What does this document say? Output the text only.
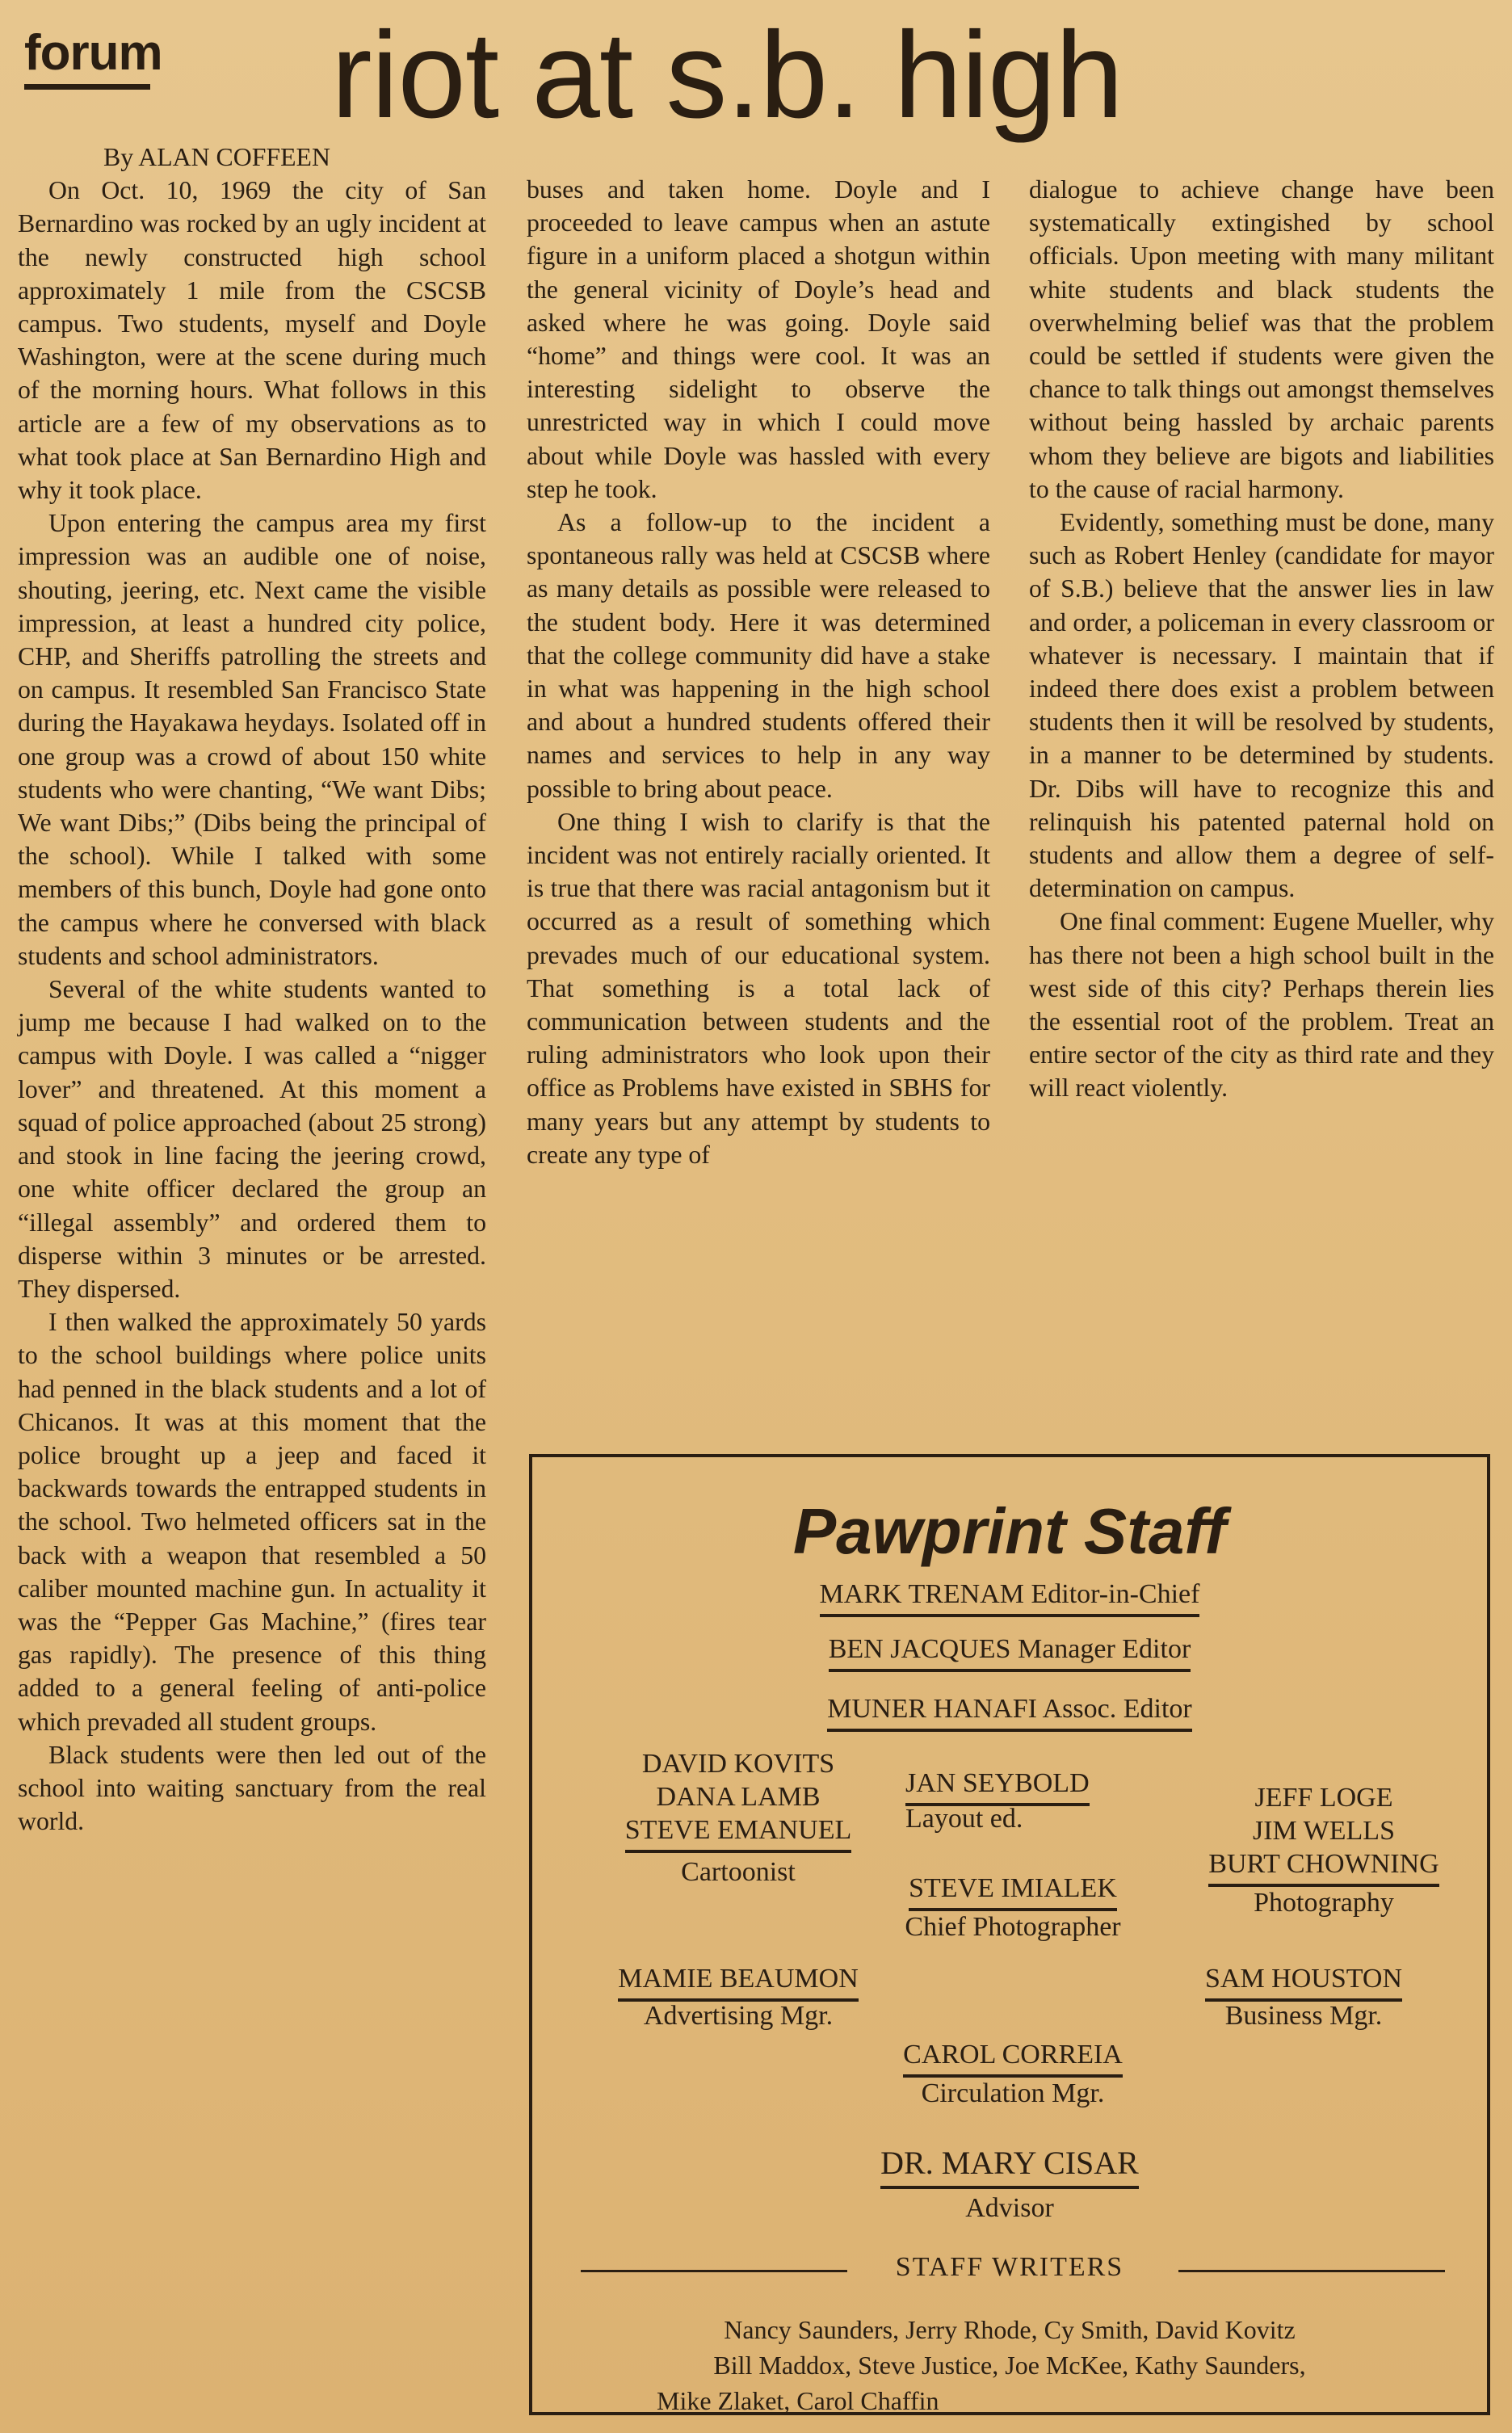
forum riot at s.b. high

By ALAN COFFEEN

On Oct. 10, 1969 the city of San Bernardino was rocked by an ugly incident at the newly constructed high school approximately 1 mile from the CSCSB campus. Two students, myself and Doyle Washington, were at the scene during much of the morning hours. What follows in this article are a few of my observations as to what took place at San Bernardino High and why it took place.

Upon entering the campus area my first impression was an audible one of noise, shouting, jeering, etc. Next came the visible impression, at least a hundred city police, CHP, and Sheriffs patrolling the streets and on campus. It resembled San Francisco State during the Hayakawa heydays. Isolated off in one group was a crowd of about 150 white students who were chanting, “We want Dibs; We want Dibs;” (Dibs being the principal of the school). While I talked with some members of this bunch, Doyle had gone onto the campus where he conversed with black students and school administrators.

Several of the white students wanted to jump me because I had walked on to the campus with Doyle. I was called a “nigger lover” and threatened. At this moment a squad of police approached (about 25 strong) and stook in line facing the jeering crowd, one white officer declared the group an “illegal assembly” and ordered them to disperse within 3 minutes or be arrested. They dispersed.

I then walked the approximately 50 yards to the school buildings where police units had penned in the black students and a lot of Chicanos. It was at this moment that the police brought up a jeep and faced it backwards towards the entrapped students in the school. Two helmeted officers sat in the back with a weapon that resembled a 50 caliber mounted machine gun. In actuality it was the “Pepper Gas Machine,” (fires tear gas rapidly). The presence of this thing added to a general feeling of anti-police which prevaded all student groups.

Black students were then led out of the school into waiting sanctuary from the real world.

buses and taken home. Doyle and I proceeded to leave campus when an astute figure in a uniform placed a shotgun within the general vicinity of Doyle’s head and asked where he was going. Doyle said “home” and things were cool. It was an interesting sidelight to observe the unrestricted way in which I could move about while Doyle was hassled with every step he took.

As a follow-up to the incident a spontaneous rally was held at CSCSB where as many details as possible were released to the student body. Here it was determined that the college community did have a stake in what was happening in the high school and about a hundred students offered their names and services to help in any way possible to bring about peace.

One thing I wish to clarify is that the incident was not entirely racially oriented. It is true that there was racial antagonism but it occurred as a result of something which prevades much of our educational system. That something is a total lack of communication between students and the ruling administrators who look upon their office as Problems have existed in SBHS for many years but any attempt by students to create any type of

dialogue to achieve change have been systematically extingished by school officials. Upon meeting with many militant white students and black students the overwhelming belief was that the problem could be settled if students were given the chance to talk things out amongst themselves without being hassled by archaic parents whom they believe are bigots and liabilities to the cause of racial harmony.

Evidently, something must be done, many such as Robert Henley (candidate for mayor of S.B.) believe that the answer lies in law and order, a policeman in every classroom or whatever is necessary. I maintain that if indeed there does exist a problem between students then it will be resolved by students, in a manner to be determined by students. Dr. Dibs will have to recognize this and relinquish his patented paternal hold on students and allow them a degree of self-determination on campus.

One final comment: Eugene Mueller, why has there not been a high school built in the west side of this city? Perhaps therein lies the essential root of the problem. Treat an entire sector of the city as third rate and they will react violently.

Pawprint Staff
MARK TRENAM Editor-in-Chief
BEN JACQUES Manager Editor
MUNER HANAFI Assoc. Editor
DAVID KOVITS
DANA LAMB
STEVE EMANUEL
Cartoonist
JAN SEYBOLD
Layout ed.
JEFF LOGE
JIM WELLS
BURT CHOWNING
Photography
STEVE IMIALEK
Chief Photographer
MAMIE BEAUMON
Advertising Mgr.
SAM HOUSTON
Business Mgr.
CAROL CORREIA
Circulation Mgr.
DR. MARY CISAR
Advisor
STAFF WRITERS
Nancy Saunders, Jerry Rhode, Cy Smith, David Kovitz
Bill Maddox, Steve Justice, Joe McKee, Kathy Saunders,
Mike Zlaket, Carol Chaffin
